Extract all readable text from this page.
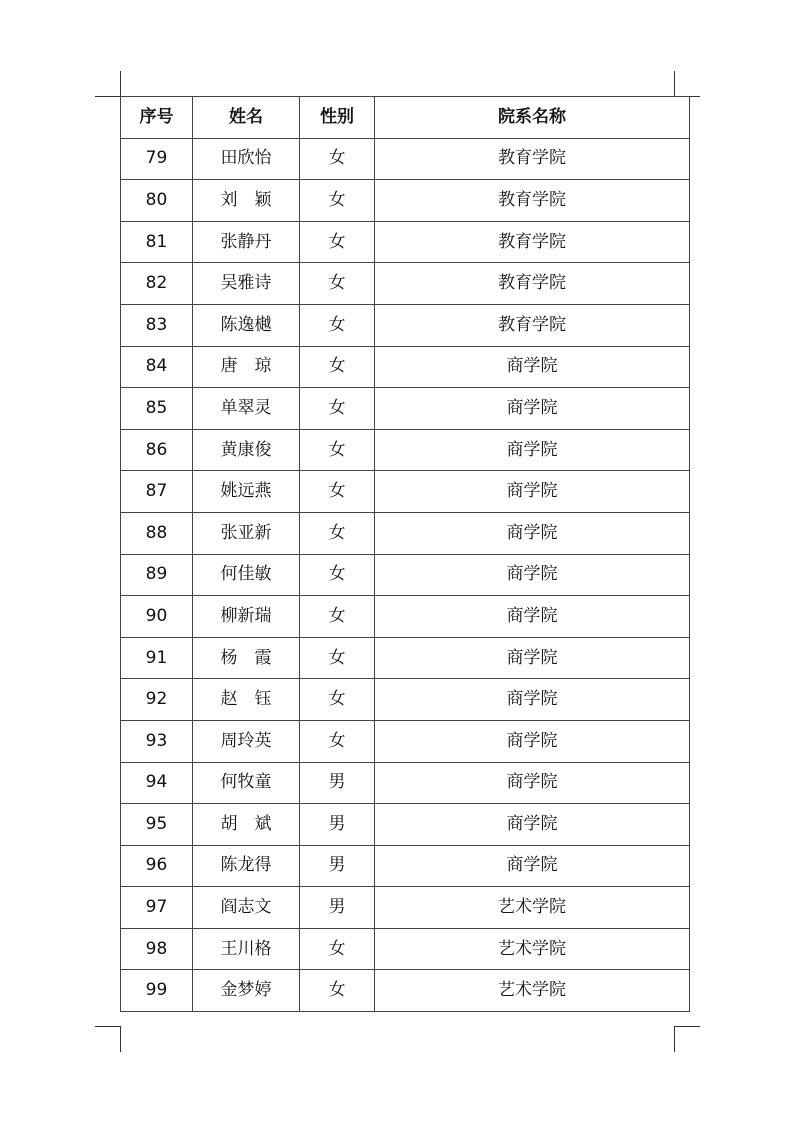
序号	姓名	性别	院系名称
79	田欣怡	女	教育学院
80	刘　颖	女	教育学院
81	张静丹	女	教育学院
82	吴雅诗	女	教育学院
83	陈逸樾	女	教育学院
84	唐　琼	女	商学院
85	单翠灵	女	商学院
86	黄康俊	女	商学院
87	姚远燕	女	商学院
88	张亚新	女	商学院
89	何佳敏	女	商学院
90	柳新瑞	女	商学院
91	杨　霞	女	商学院
92	赵　钰	女	商学院
93	周玲英	女	商学院
94	何牧童	男	商学院
95	胡　斌	男	商学院
96	陈龙得	男	商学院
97	阎志文	男	艺术学院
98	王川格	女	艺术学院
99	金梦婷	女	艺术学院
